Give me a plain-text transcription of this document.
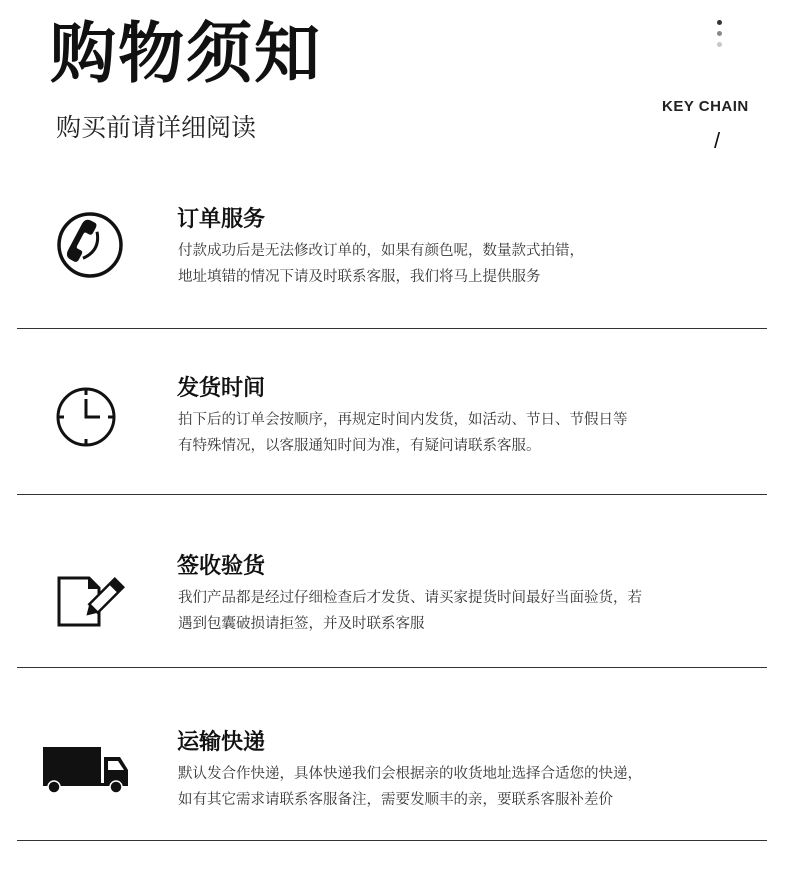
购物须知
购买前请详细阅读
KEY CHAIN
/
订单服务
付款成功后是无法修改订单的，如果有颜色呢，数量款式拍错，
地址填错的情况下请及时联系客服，我们将马上提供服务
发货时间
拍下后的订单会按顺序，再规定时间内发货，如活动、节日、节假日等
有特殊情况，以客服通知时间为准，有疑问请联系客服。
签收验货
我们产品都是经过仔细检查后才发货、请买家提货时间最好当面验货，若
遇到包囊破损请拒签，并及时联系客服
运输快递
默认发合作快递，具体快递我们会根据亲的收货地址选择合适您的快递，
如有其它需求请联系客服备注，需要发顺丰的亲，要联系客服补差价
